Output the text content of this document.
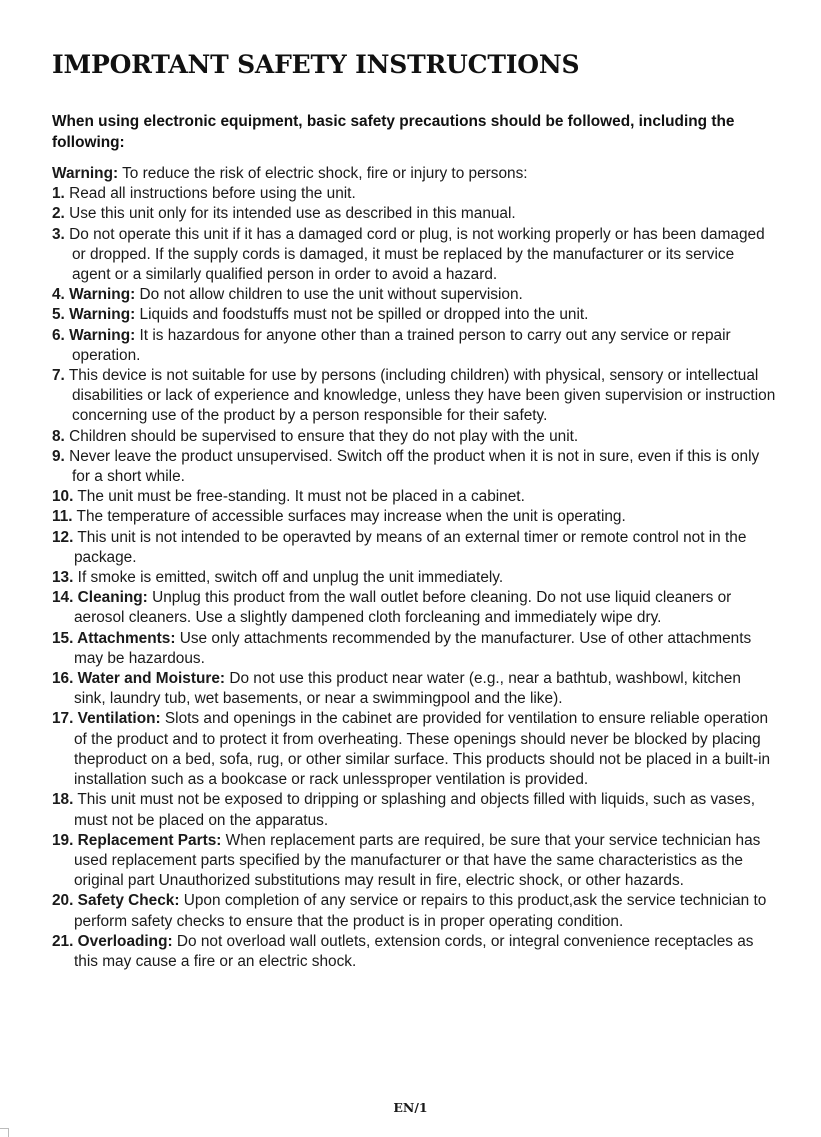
IMPORTANT SAFETY INSTRUCTIONS

When using electronic equipment, basic safety precautions should be followed, including the following:

Warning: To reduce the risk of electric shock, fire or injury to persons:

1. Read all instructions before using the unit.
2. Use this unit only for its intended use as described in this manual.
3. Do not operate this unit if it has a damaged cord or plug, is not working properly or has been damaged or dropped. If the supply cords is damaged, it must be replaced by the manufacturer or its service agent or a similarly qualified person in order to avoid a hazard.
4. Warning: Do not allow children to use the unit without supervision.
5. Warning: Liquids and foodstuffs must not be spilled or dropped into the unit.
6. Warning: It is hazardous for anyone other than a trained person to carry out any service or repair operation.
7. This device is not suitable for use by persons (including children) with physical, sensory or intellectual disabilities or lack of experience and knowledge, unless they have been given supervision or instruction concerning use of the product by a person responsible for their safety.
8. Children should be supervised to ensure that they do not play with the unit.
9. Never leave the product unsupervised. Switch off the product when it is not in sure, even if this is only for a short while.
10. The unit must be free-standing. It must not be placed in a cabinet.
11. The temperature of accessible surfaces may increase when the unit is operating.
12. This unit is not intended to be operavted by means of an external timer or remote control not in the package.
13. If smoke is emitted, switch off and unplug the unit immediately.
14. Cleaning: Unplug this product from the wall outlet before cleaning. Do not use liquid cleaners or aerosol cleaners. Use a slightly dampened cloth forcleaning and immediately wipe dry.
15. Attachments: Use only attachments recommended by the manufacturer. Use of other attachments may be hazardous.
16. Water and Moisture: Do not use this product near water (e.g., near a bathtub, washbowl, kitchen sink, laundry tub, wet basements, or near a swimmingpool and the like).
17. Ventilation: Slots and openings in the cabinet are provided for ventilation to ensure reliable operation of the product and to protect it from overheating. These openings should never be blocked by placing theproduct on a bed, sofa, rug, or other similar surface. This products should not be placed in a built-in installation such as a bookcase or rack unlessproper ventilation is provided.
18. This unit must not be exposed to dripping or splashing and objects filled with liquids, such as vases, must not be placed on the apparatus.
19. Replacement Parts: When replacement parts are required, be sure that your service technician has used replacement parts specified by the manufacturer or that have the same characteristics as the original part Unauthorized substitutions may result in fire, electric shock, or other hazards.
20. Safety Check: Upon completion of any service or repairs to this product,ask the service technician to perform safety checks to ensure that the product is in proper operating condition.
21. Overloading: Do not overload wall outlets, extension cords, or integral convenience receptacles as this may cause a fire or an electric shock.
EN/1
